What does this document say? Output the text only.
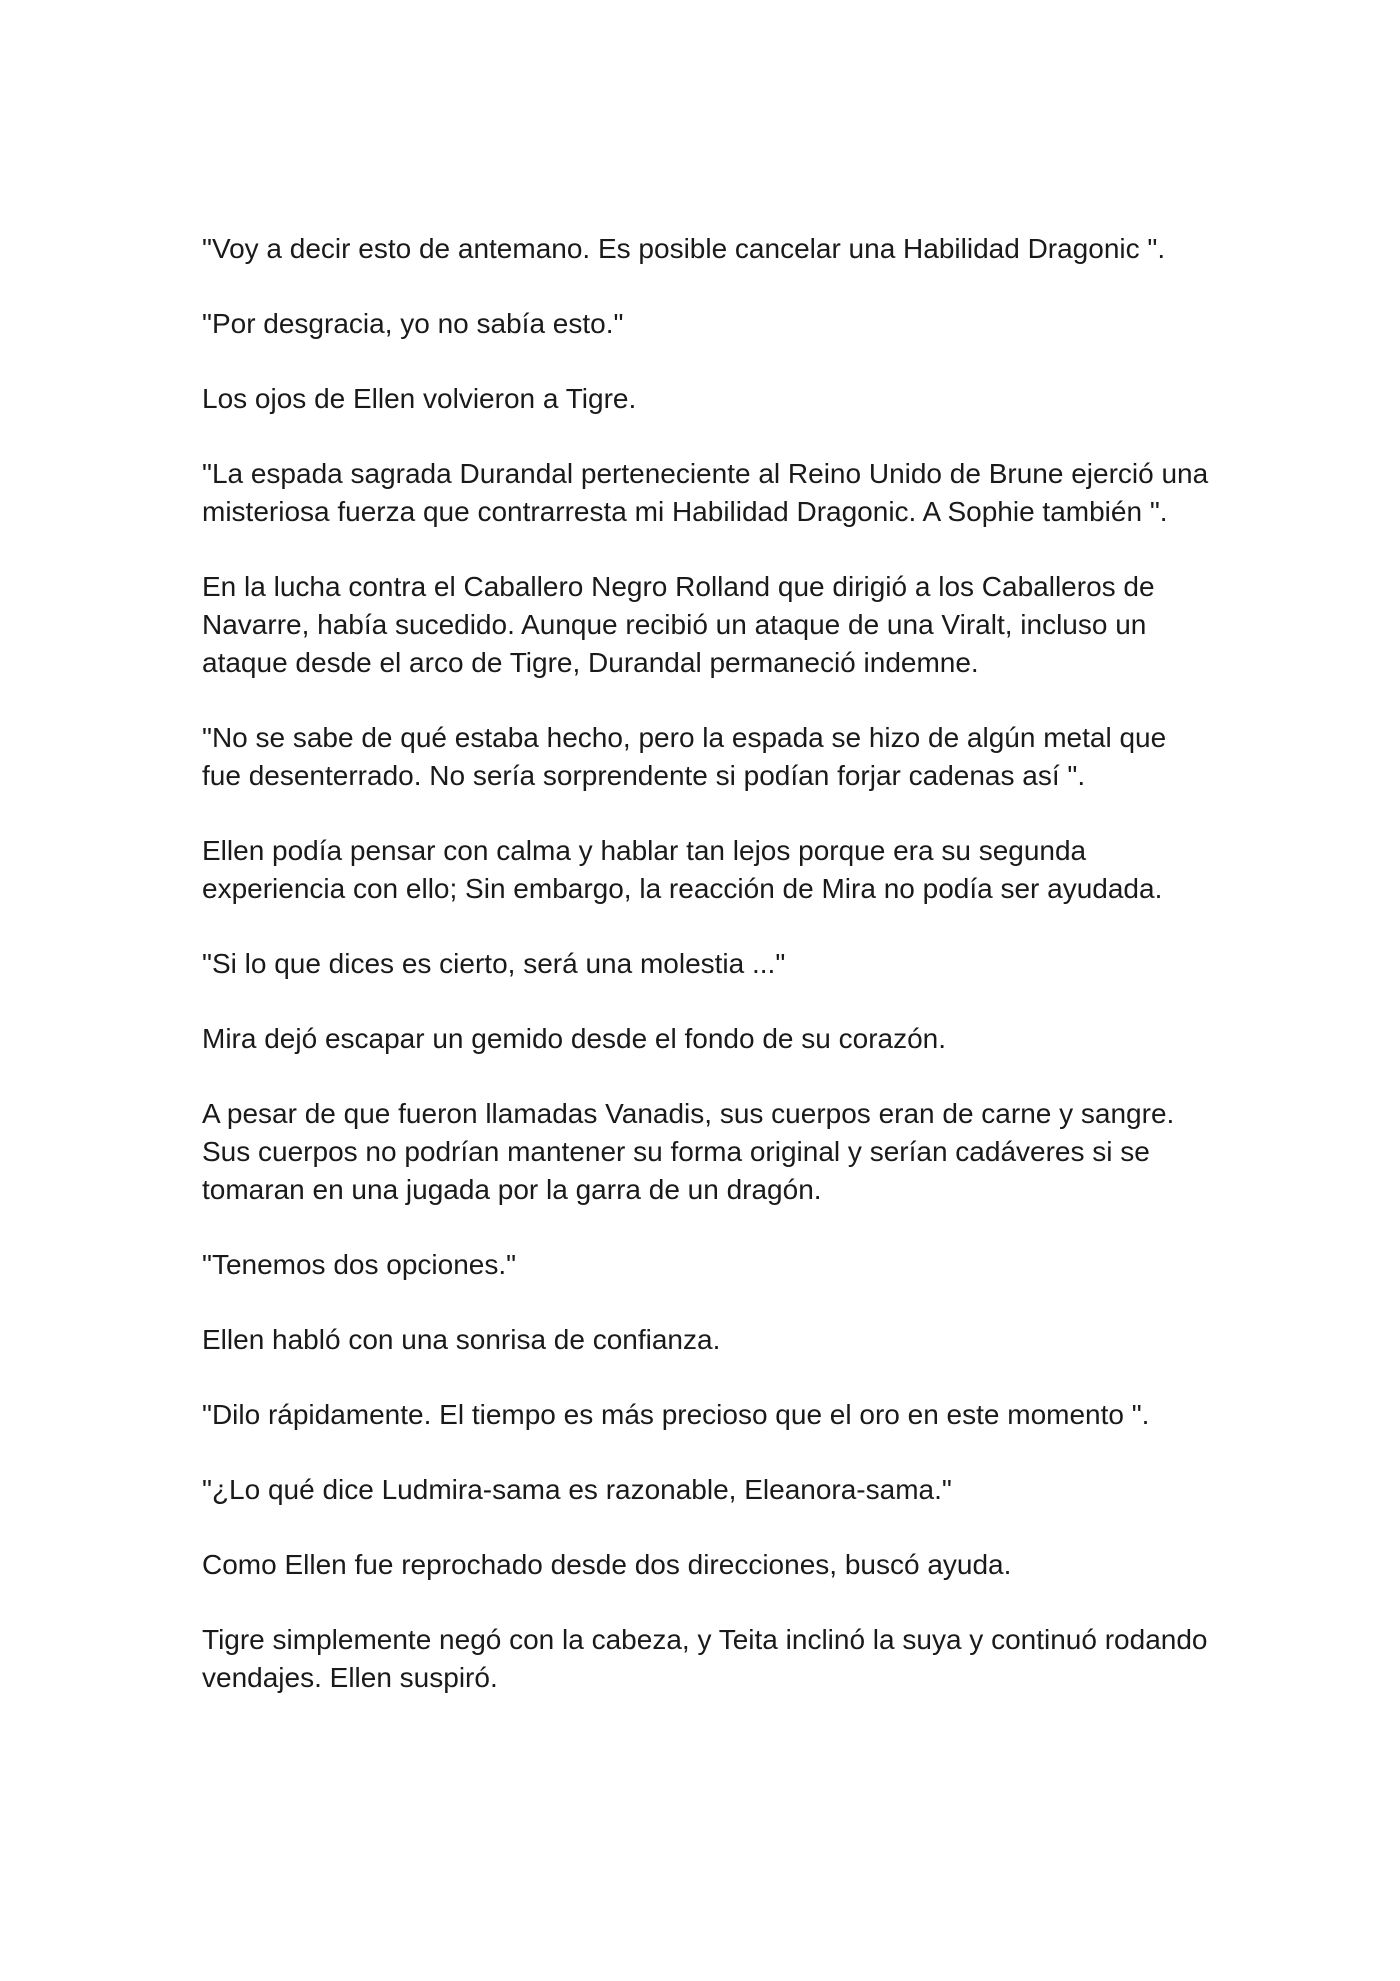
"Voy a decir esto de antemano. Es posible cancelar una Habilidad Dragonic ".

"Por desgracia, yo no sabía esto."

Los ojos de Ellen volvieron a Tigre.

"La espada sagrada Durandal perteneciente al Reino Unido de Brune ejerció una misteriosa fuerza que contrarresta mi Habilidad Dragonic. A Sophie también ".

En la lucha contra el Caballero Negro Rolland que dirigió a los Caballeros de Navarre, había sucedido. Aunque recibió un ataque de una Viralt, incluso un ataque desde el arco de Tigre, Durandal permaneció indemne.

"No se sabe de qué estaba hecho, pero la espada se hizo de algún metal que fue desenterrado. No sería sorprendente si podían forjar cadenas así ".

Ellen podía pensar con calma y hablar tan lejos porque era su segunda experiencia con ello; Sin embargo, la reacción de Mira no podía ser ayudada.

"Si lo que dices es cierto, será una molestia ..."

Mira dejó escapar un gemido desde el fondo de su corazón.

A pesar de que fueron llamadas Vanadis, sus cuerpos eran de carne y sangre. Sus cuerpos no podrían mantener su forma original y serían cadáveres si se tomaran en una jugada por la garra de un dragón.

"Tenemos dos opciones."

Ellen habló con una sonrisa de confianza.

"Dilo rápidamente. El tiempo es más precioso que el oro en este momento ".

"¿Lo qué dice Ludmira-sama es razonable, Eleanora-sama."

Como Ellen fue reprochado desde dos direcciones, buscó ayuda.

Tigre simplemente negó con la cabeza, y Teita inclinó la suya y continuó rodando vendajes. Ellen suspiró.
